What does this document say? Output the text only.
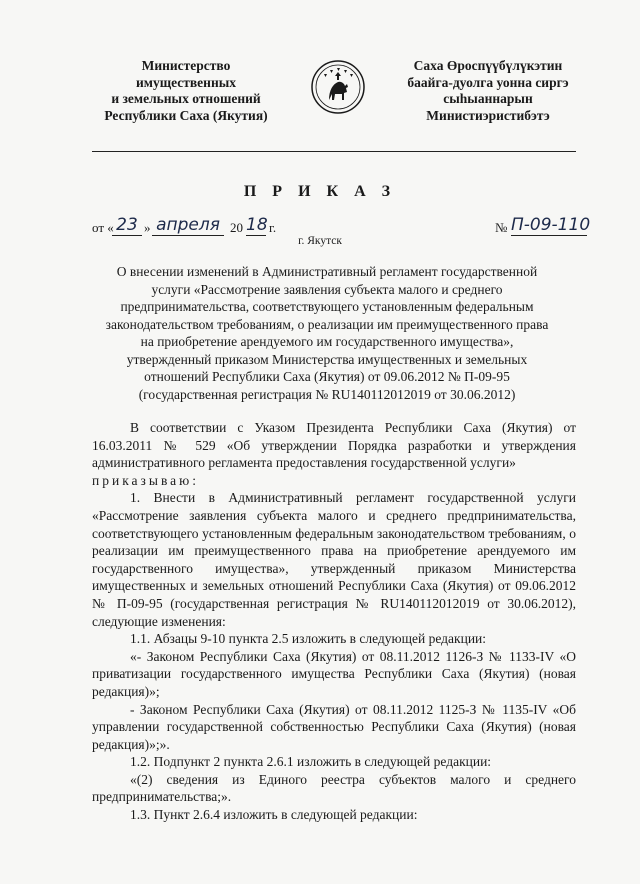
Министерство
имущественных
и земельных отношений
Республики Саха (Якутия)
Саха Өроспүүбүлүкэтин
баайга-дуолга уонна сиргэ
сыһыаннарын
Министиэристибэтэ
П Р И К А З
от « 23 » апреля 20 18 г.	№ П-09-110
г. Якутск
О внесении изменений в Административный регламент государственной
услуги «Рассмотрение заявления субъекта малого и среднего
предпринимательства, соответствующего установленным федеральным
законодательством требованиям, о реализации им преимущественного права
на приобретение арендуемого им государственного имущества»,
утвержденный приказом Министерства имущественных и земельных
отношений Республики Саха (Якутия) от 09.06.2012 № П-09-95
(государственная регистрация № RU140112012019 от 30.06.2012)

В соответствии с Указом Президента Республики Саха (Якутия) от 16.03.2011 № 529 «Об утверждении Порядка разработки и утверждения административного регламента предоставления государственной услуги»

приказываю:

1. Внести в Административный регламент государственной услуги «Рассмотрение заявления субъекта малого и среднего предпринимательства, соответствующего установленным федеральным законодательством требованиям, о реализации им преимущественного права на приобретение арендуемого им государственного имущества», утвержденный приказом Министерства имущественных и земельных отношений Республики Саха (Якутия) от 09.06.2012 № П-09-95 (государственная регистрация № RU140112012019 от 30.06.2012), следующие изменения:

1.1. Абзацы 9-10 пункта 2.5 изложить в следующей редакции:

«- Законом Республики Саха (Якутия) от 08.11.2012 1126-З № 1133-IV «О приватизации государственного имущества Республики Саха (Якутия) (новая редакция)»;

- Законом Республики Саха (Якутия) от 08.11.2012 1125-З № 1135-IV «Об управлении государственной собственностью Республики Саха (Якутия) (новая редакция)»;».

1.2. Подпункт 2 пункта 2.6.1 изложить в следующей редакции:

«(2) сведения из Единого реестра субъектов малого и среднего предпринимательства;».

1.3. Пункт 2.6.4 изложить в следующей редакции:
